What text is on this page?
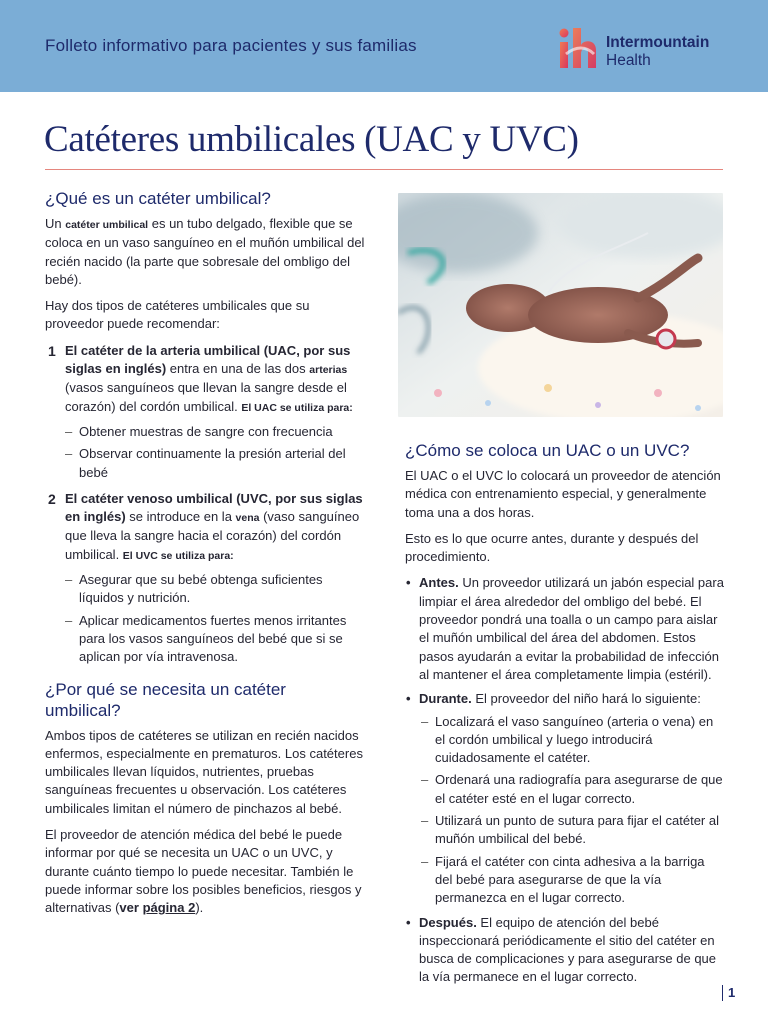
Folleto informativo para pacientes y sus familias	Intermountain
Health
Catéteres umbilicales (UAC y UVC)
¿Qué es un catéter umbilical?

Un catéter umbilical es un tubo delgado, flexible que se coloca en un vaso sanguíneo en el muñón umbilical del recién nacido (la parte que sobresale del ombligo del bebé).

Hay dos tipos de catéteres umbilicales que su proveedor puede recomendar:

1 El catéter de la arteria umbilical (UAC, por sus siglas en inglés) entra en una de las dos arterias (vasos sanguíneos que llevan la sangre desde el corazón) del cordón umbilical. El UAC se utiliza para:
– Obtener muestras de sangre con frecuencia
– Observar continuamente la presión arterial del bebé
2 El catéter venoso umbilical (UVC, por sus siglas en inglés) se introduce en la vena (vaso sanguíneo que lleva la sangre hacia el corazón) del cordón umbilical. El UVC se utiliza para:
– Asegurar que su bebé obtenga suficientes líquidos y nutrición.
– Aplicar medicamentos fuertes menos irritantes para los vasos sanguíneos del bebé que si se aplican por vía intravenosa.
¿Por qué se necesita un catéter umbilical?

Ambos tipos de catéteres se utilizan en recién nacidos enfermos, especialmente en prematuros. Los catéteres umbilicales llevan líquidos, nutrientes, pruebas sanguíneas frecuentes u observación. Los catéteres umbilicales limitan el número de pinchazos al bebé.

El proveedor de atención médica del bebé le puede informar por qué se necesita un UAC o un UVC, y durante cuánto tiempo lo puede necesitar. También le puede informar sobre los posibles beneficios, riesgos y alternativas (ver página 2).

¿Cómo se coloca un UAC o un UVC?

El UAC o el UVC lo colocará un proveedor de atención médica con entrenamiento especial, y generalmente toma una a dos horas.

Esto es lo que ocurre antes, durante y después del procedimiento.

• Antes. Un proveedor utilizará un jabón especial para limpiar el área alrededor del ombligo del bebé. El proveedor pondrá una toalla o un campo para aislar el muñón umbilical del área del abdomen. Estos pasos ayudarán a evitar la probabilidad de infección al mantener el área completamente limpia (estéril).
• Durante. El proveedor del niño hará lo siguiente:
– Localizará el vaso sanguíneo (arteria o vena) en el cordón umbilical y luego introducirá cuidadosamente el catéter.
– Ordenará una radiografía para asegurarse de que el catéter esté en el lugar correcto.
– Utilizará un punto de sutura para fijar el catéter al muñón umbilical del bebé.
– Fijará el catéter con cinta adhesiva a la barriga del bebé para asegurarse de que la vía permanezca en el lugar correcto.
• Después. El equipo de atención del bebé inspeccionará periódicamente el sitio del catéter en busca de complicaciones y para asegurarse de que la vía permanece en el lugar correcto.
1
